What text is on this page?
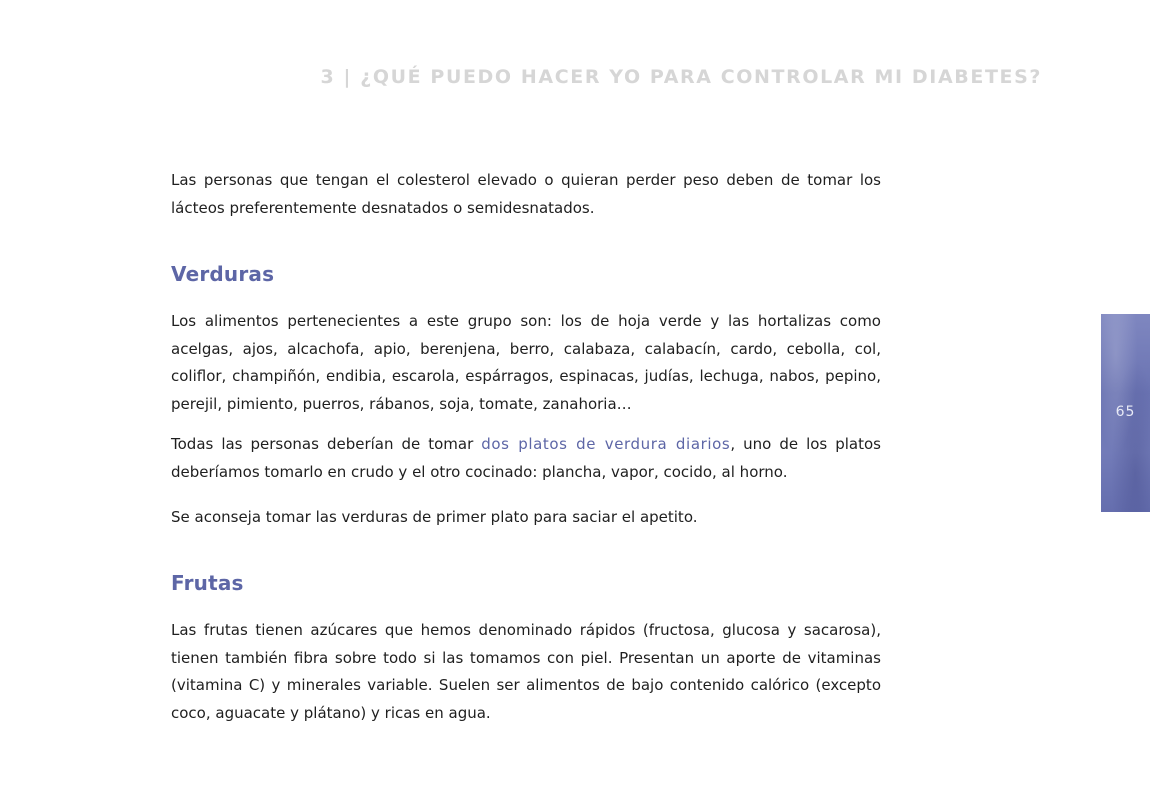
3 | ¿QUÉ PUEDO HACER YO PARA CONTROLAR MI DIABETES?

Las personas que tengan el colesterol elevado o quieran perder peso deben de tomar los lácteos preferentemente desnatados o semidesnatados.

Verduras

Los alimentos pertenecientes a este grupo son: los de hoja verde y las hortalizas como acelgas, ajos, alcachofa, apio, berenjena, berro, calabaza, calabacín, cardo, cebolla, col, coliflor, champiñón, endibia, escarola, espárragos, espinacas, judías, lechuga, nabos, pepino, perejil, pimiento, puerros, rábanos, soja, tomate, zanahoria…

Todas las personas deberían de tomar dos platos de verdura diarios, uno de los platos deberíamos tomarlo en crudo y el otro cocinado: plancha, vapor, cocido, al horno.

Se aconseja tomar las verduras de primer plato para saciar el apetito.

Frutas

Las frutas tienen azúcares que hemos denominado rápidos (fructosa, glucosa y sacarosa), tienen también fibra sobre todo si las tomamos con piel. Presentan un aporte de vitaminas (vitamina C) y minerales variable. Suelen ser alimentos de bajo contenido calórico (excepto coco, aguacate y plátano) y ricas en agua.

65
